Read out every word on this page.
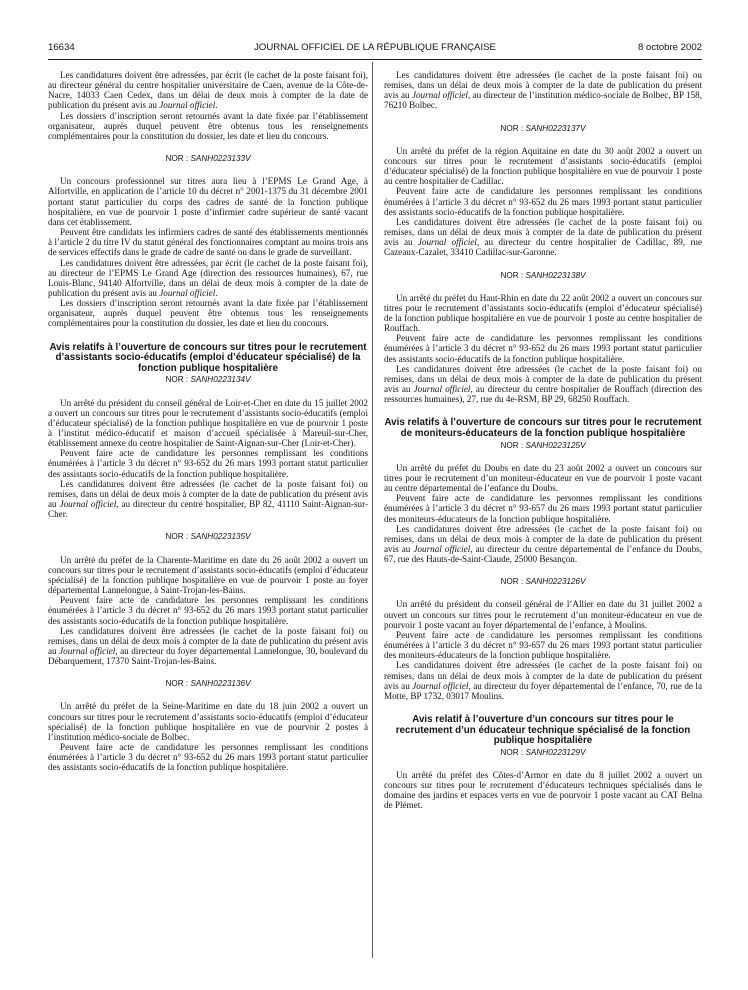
16634	JOURNAL OFFICIEL DE LA RÉPUBLIQUE FRANÇAISE	8 octobre 2002

Les candidatures doivent être adressées, par écrit (le cachet de la poste faisant foi), au directeur général du centre hospitalier universitaire de Caen, avenue de la Côte-de-Nacre, 14033 Caen Cedex, dans un délai de deux mois à compter de la date de publication du présent avis au Journal officiel.

Les dossiers d’inscription seront retournés avant la date fixée par l’établissement organisateur, auprès duquel peuvent être obtenus tous les renseignements complémentaires pour la constitution du dossier, les date et lieu du concours.

NOR : SANH0223133V

Un concours professionnel sur titres aura lieu à l’EPMS Le Grand Age, à Alfortville, en application de l’article 10 du décret n° 2001-1375 du 31 décembre 2001 portant statut particulier du corps des cadres de santé de la fonction publique hospitalière, en vue de pourvoir 1 poste d’infirmier cadre supérieur de santé vacant dans cet établissement.

Peuvent être candidats les infirmiers cadres de santé des établissements mentionnés à l’article 2 du titre IV du statut général des fonctionnaires comptant au moins trois ans de services effectifs dans le grade de cadre de santé ou dans le grade de surveillant.

Les candidatures doivent être adressées, par écrit (le cachet de la poste faisant foi), au directeur de l’EPMS Le Grand Age (direction des ressources humaines), 67, rue Louis-Blanc, 94140 Alfortville, dans un délai de deux mois à compter de la date de publication du présent avis au Journal officiel.

Les dossiers d’inscription seront retournés avant la date fixée par l’établissement organisateur, auprès duquel peuvent être obtenus tous les renseignements complémentaires pour la constitution du dossier, les date et lieu du concours.

Avis relatifs à l’ouverture de concours sur titres pour le recrutement d’assistants socio-éducatifs (emploi d’éducateur spécialisé) de la fonction publique hospitalière
NOR : SANH0223134V

Un arrêté du président du conseil général de Loir-et-Cher en date du 15 juillet 2002 a ouvert un concours sur titres pour le recrutement d’assistants socio-éducatifs (emploi d’éducateur spécialisé) de la fonction publique hospitalière en vue de pourvoir 1 poste à l’institut médico-éducatif et maison d’accueil spécialisée à Mareuil-sur-Cher, établissement annexe du centre hospitalier de Saint-Aignan-sur-Cher (Loir-et-Cher).

Peuvent faire acte de candidature les personnes remplissant les conditions énumérées à l’article 3 du décret n° 93-652 du 26 mars 1993 portant statut particulier des assistants socio-éducatifs de la fonction publique hospitalière.

Les candidatures doivent être adressées (le cachet de la poste faisant foi) ou remises, dans un délai de deux mois à compter de la date de publication du présent avis au Journal officiel, au directeur du centre hospitalier, BP 82, 41110 Saint-Aignan-sur-Cher.

NOR : SANH0223135V

Un arrêté du préfet de la Charente-Maritime en date du 26 août 2002 a ouvert un concours sur titres pour le recrutement d’assistants socio-éducatifs (emploi d’éducateur spécialisé) de la fonction publique hospitalière en vue de pourvoir 1 poste au foyer départemental Lannelongue, à Saint-Trojan-les-Bains.

Peuvent faire acte de candidature les personnes remplissant les conditions énumérées à l’article 3 du décret n° 93-652 du 26 mars 1993 portant statut particulier des assistants socio-éducatifs de la fonction publique hospitalière.

Les candidatures doivent être adressées (le cachet de la poste faisant foi) ou remises, dans un délai de deux mois à compter de la date de publication du présent avis au Journal officiel, au directeur du foyer départemental Lannelongue, 30, boulevard du Débarquement, 17370 Saint-Trojan-les-Bains.

NOR : SANH0223136V

Un arrêté du préfet de la Seine-Maritime en date du 18 juin 2002 a ouvert un concours sur titres pour le recrutement d’assistants socio-éducatifs (emploi d’éducateur spécialisé) de la fonction publique hospitalière en vue de pourvoir 2 postes à l’institution médico-sociale de Bolbec.

Peuvent faire acte de candidature les personnes remplissant les conditions énumérées à l’article 3 du décret n° 93-652 du 26 mars 1993 portant statut particulier des assistants socio-éducatifs de la fonction publique hospitalière.

Les candidatures doivent être adressées (le cachet de la poste faisant foi) ou remises, dans un délai de deux mois à compter de la date de publication du présent avis au Journal officiel, au directeur de l’institution médico-sociale de Bolbec, BP 158, 76210 Bolbec.

NOR : SANH0223137V

Un arrêté du préfet de la région Aquitaine en date du 30 août 2002 a ouvert un concours sur titres pour le recrutement d’assistants socio-éducatifs (emploi d’éducateur spécialisé) de la fonction publique hospitalière en vue de pourvoir 1 poste au centre hospitalier de Cadillac.

Peuvent faire acte de candidature les personnes remplissant les conditions énumérées à l’article 3 du décret n° 93-652 du 26 mars 1993 portant statut particulier des assistants socio-éducatifs de la fonction publique hospitalière.

Les candidatures doivent être adressées (le cachet de la poste faisant foi) ou remises, dans un délai de deux mois à compter de la date de publication du présent avis au Journal officiel, au directeur du centre hospitalier de Cadillac, 89, rue Cazeaux-Cazalet, 33410 Cadillac-sur-Garonne.

NOR : SANH0223138V

Un arrêté du préfet du Haut-Rhin en date du 22 août 2002 a ouvert un concours sur titres pour le recrutement d’assistants socio-éducatifs (emploi d’éducateur spécialisé) de la fonction publique hospitalière en vue de pourvoir 1 poste au centre hospitalier de Rouffach.

Peuvent faire acte de candidature les personnes remplissant les conditions énumérées à l’article 3 du décret n° 93-652 du 26 mars 1993 portant statut particulier des assistants socio-éducatifs de la fonction publique hospitalière.

Les candidatures doivent être adressées (le cachet de la poste faisant foi) ou remises, dans un délai de deux mois à compter de la date de publication du présent avis au Journal officiel, au directeur du centre hospitalier de Rouffach (direction des ressources humaines), 27, rue du 4e-RSM, BP 29, 68250 Rouffach.

Avis relatifs à l’ouverture de concours sur titres pour le recrutement de moniteurs-éducateurs de la fonction publique hospitalière
NOR : SANH0223125V

Un arrêté du préfet du Doubs en date du 23 août 2002 a ouvert un concours sur titres pour le recrutement d’un moniteur-éducateur en vue de pourvoir 1 poste vacant au centre départemental de l’enfance du Doubs.

Peuvent faire acte de candidature les personnes remplissant les conditions énumérées à l’article 3 du décret n° 93-657 du 26 mars 1993 portant statut particulier des moniteurs-éducateurs de la fonction publique hospitalière.

Les candidatures doivent être adressées (le cachet de la poste faisant foi) ou remises, dans un délai de deux mois à compter de la date de publication du présent avis au Journal officiel, au directeur du centre départemental de l’enfance du Doubs, 67, rue des Hauts-de-Saint-Claude, 25000 Besançon.

NOR : SANH0223126V

Un arrêté du président du conseil général de l’Allier en date du 31 juillet 2002 a ouvert un concours sur titres pour le recrutement d’un moniteur-éducateur en vue de pourvoir 1 poste vacant au foyer départemental de l’enfance, à Moulins.

Peuvent faire acte de candidature les personnes remplissant les conditions énumérées à l’article 3 du décret n° 93-657 du 26 mars 1993 portant statut particulier des moniteurs-éducateurs de la fonction publique hospitalière.

Les candidatures doivent être adressées (le cachet de la poste faisant foi) ou remises, dans un délai de deux mois à compter de la date de publication du présent avis au Journal officiel, au directeur du foyer départemental de l’enfance, 70, rue de la Motte, BP 1732, 03017 Moulins.

Avis relatif à l’ouverture d’un concours sur titres pour le recrutement d’un éducateur technique spécialisé de la fonction publique hospitalière
NOR : SANH0223129V

Un arrêté du préfet des Côtes-d’Armor en date du 8 juillet 2002 a ouvert un concours sur titres pour le recrutement d’éducateurs techniques spécialisés dans le domaine des jardins et espaces verts en vue de pourvoir 1 poste vacant au CAT Belna de Plémet.
